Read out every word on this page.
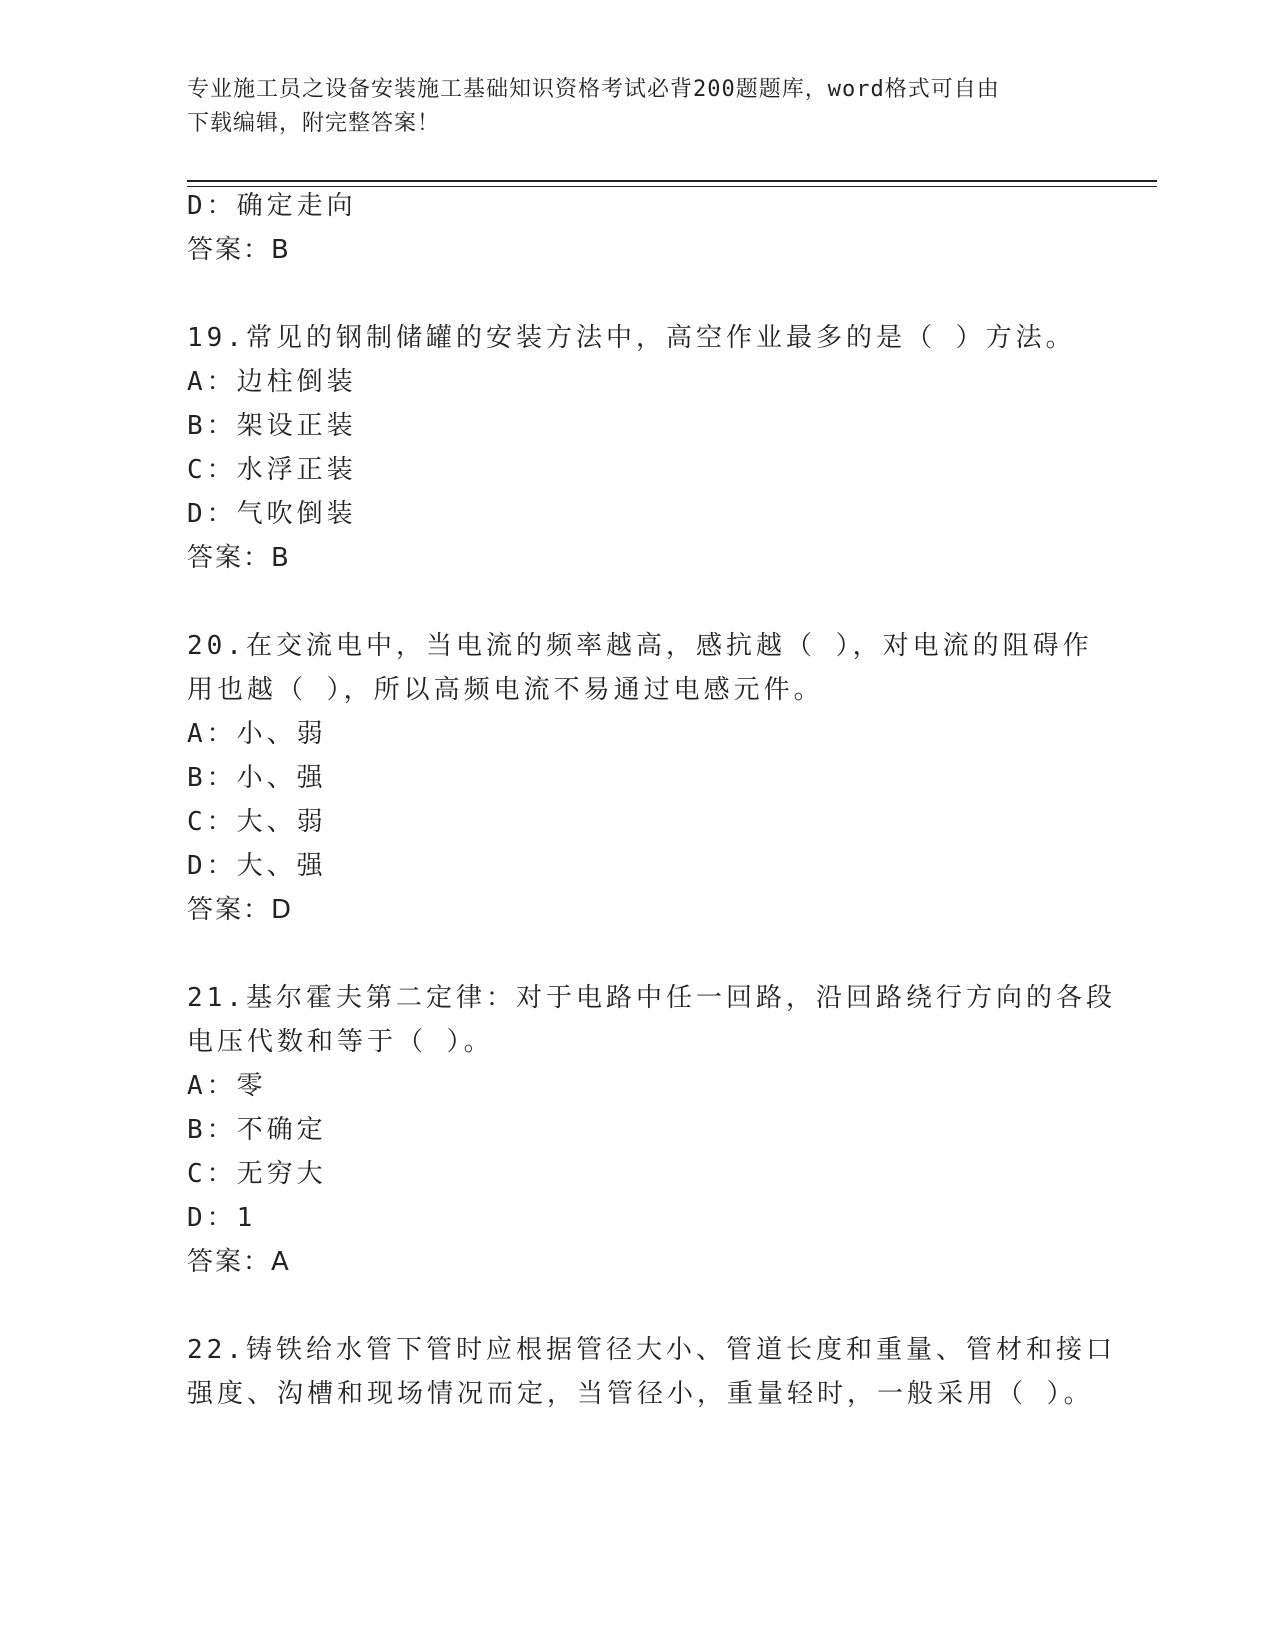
专业施工员之设备安装施工基础知识资格考试必背200题题库，word格式可自由
下载编辑，附完整答案！
D：确定走向
答案：B
19.常见的钢制储罐的安装方法中，高空作业最多的是（ ）方法。
A：边柱倒装
B：架设正装
C：水浮正装
D：气吹倒装
答案：B
20.在交流电中，当电流的频率越高，感抗越（ ），对电流的阻碍作
用也越（ ），所以高频电流不易通过电感元件。
A：小、弱
B：小、强
C：大、弱
D：大、强
答案：D
21.基尔霍夫第二定律：对于电路中任一回路，沿回路绕行方向的各段
电压代数和等于（ ）。
A：零
B：不确定
C：无穷大
D：1
答案：A
22.铸铁给水管下管时应根据管径大小、管道长度和重量、管材和接口
强度、沟槽和现场情况而定，当管径小，重量轻时，一般采用（ ）。
